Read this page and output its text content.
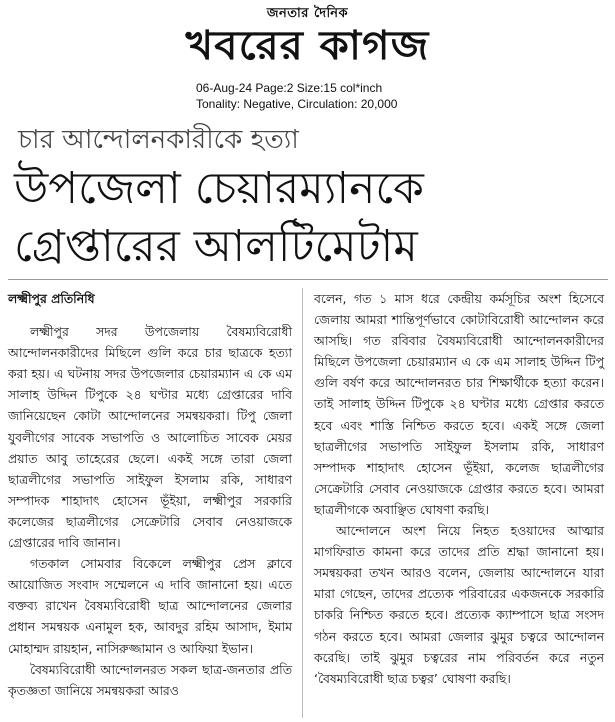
জনতার দৈনিক
খবরের কাগজ
06-Aug-24 Page:2 Size:15 col*inch
Tonality: Negative, Circulation: 20,000
চার আন্দোলনকারীকে হত্যা
উপজেলা চেয়ারম্যানকে
গ্রেপ্তারের আলটিমেটাম

লক্ষ্মীপুর প্রতিনিধি

লক্ষ্মীপুর সদর উপজেলায় বৈষম্যবিরোধী আন্দোলনকারীদের মিছিলে গুলি করে চার ছাত্রকে হত্যা করা হয়। এ ঘটনায় সদর উপজেলার চেয়ারম্যান এ কে এম সালাহ উদ্দিন টিপুকে ২৪ ঘণ্টার মধ্যে গ্রেপ্তারের দাবি জানিয়েছেন কোটা আন্দোলনের সমন্বয়করা। টিপু জেলা যুবলীগের সাবেক সভাপতি ও আলোচিত সাবেক মেয়র প্রয়াত আবু তাহেরের ছেলে। একই সঙ্গে তারা জেলা ছাত্রলীগের সভাপতি সাইফুল ইসলাম রকি, সাধারণ সম্পাদক শাহাদাৎ হোসেন ভূঁইয়া, লক্ষ্মীপুর সরকারি কলেজের ছাত্রলীগের সেক্রেটারি সেবাব নেওয়াজকে গ্রেপ্তারের দাবি জানান।

গতকাল সোমবার বিকেলে লক্ষ্মীপুর প্রেস ক্লাবে আয়োজিত সংবাদ সম্মেলনে এ দাবি জানানো হয়। এতে বক্তব্য রাখেন বৈষম্যবিরোধী ছাত্র আন্দোলনের জেলার প্রধান সমন্বয়ক এনামুল হক, আবদুর রহিম আসাদ, ইমাম মোহাম্মদ রায়হান, নাসিরুজ্জামান ও আফিয়া ইভান।

বৈষম্যবিরোধী আন্দোলনরত সকল ছাত্র-জনতার প্রতি কৃতজ্ঞতা জানিয়ে সমন্বয়করা আরও

বলেন, গত ১ মাস ধরে কেন্দ্রীয় কর্মসূচির অংশ হিসেবে জেলায় আমরা শান্তিপূর্ণভাবে কোটাবিরোধী আন্দোলন করে আসছি। গত রবিবার বৈষম্যবিরোধী আন্দোলনকারীদের মিছিলে উপজেলা চেয়ারম্যান এ কে এম সালাহ উদ্দিন টিপু গুলি বর্ষণ করে আন্দোলনরত চার শিক্ষার্থীকে হত্যা করেন। তাই সালাহ উদ্দিন টিপুকে ২৪ ঘণ্টার মধ্যে গ্রেপ্তার করতে হবে এবং শাস্তি নিশ্চিত করতে হবে। একই সঙ্গে জেলা ছাত্রলীগের সভাপতি সাইফুল ইসলাম রকি, সাধারণ সম্পাদক শাহাদাৎ হোসেন ভূঁইয়া, কলেজ ছাত্রলীগের সেক্রেটারি সেবাব নেওয়াজকে গ্রেপ্তার করতে হবে। আমরা ছাত্রলীগকে অবাঞ্ছিত ঘোষণা করছি।

আন্দোলনে অংশ নিয়ে নিহত হওয়াদের আত্মার মাগফিরাত কামনা করে তাদের প্রতি শ্রদ্ধা জানানো হয়। সমন্বয়করা তখন আরও বলেন, জেলায় আন্দোলনে যারা মারা গেছেন, তাদের প্রত্যেক পরিবারের একজনকে সরকারি চাকরি নিশ্চিত করতে হবে। প্রত্যেক ক্যাম্পাসে ছাত্র সংসদ গঠন করতে হবে। আমরা জেলার ঝুমুর চত্বরে আন্দোলন করেছি। তাই ঝুমুর চত্বরের নাম পরিবর্তন করে নতুন ‘বৈষম্যবিরোধী ছাত্র চত্বর’ ঘোষণা করছি।
